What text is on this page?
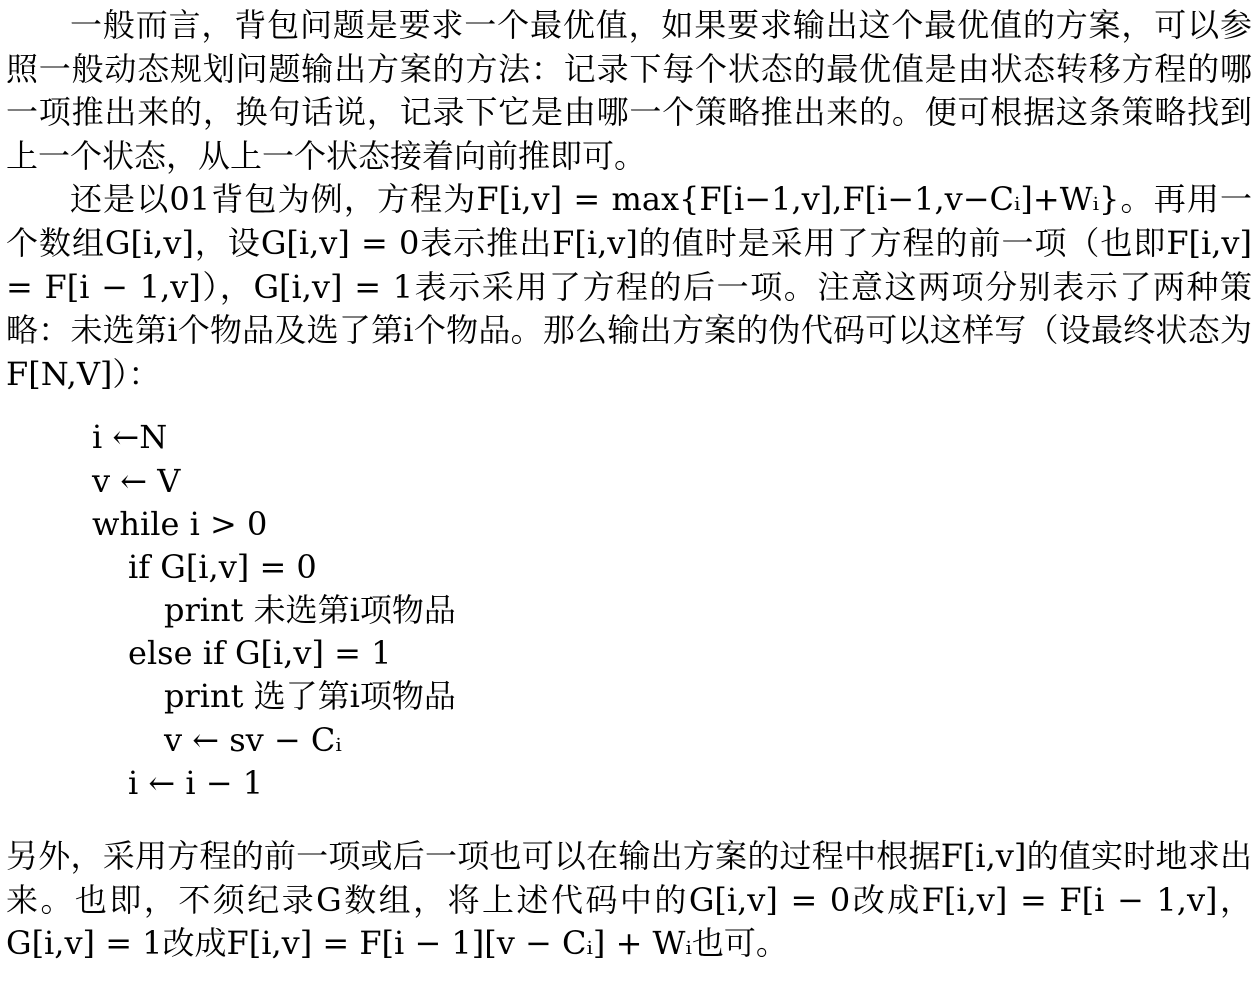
一般而言，背包问题是要求一个最优值，如果要求输出这个最优值的方案，可以参照一般动态规划问题输出方案的方法：记录下每个状态的最优值是由状态转移方程的哪一项推出来的，换句话说，记录下它是由哪一个策略推出来的。便可根据这条策略找到上一个状态，从上一个状态接着向前推即可。

还是以01背包为例，方程为F[i,v] = max{F[i−1,v],F[i−1,v−Cᵢ]+Wᵢ}。再用一个数组G[i,v]，设G[i,v] = 0表示推出F[i,v]的值时是采用了方程的前一项（也即F[i,v] = F[i − 1,v]），G[i,v] = 1表示采用了方程的后一项。注意这两项分别表示了两种策略：未选第i个物品及选了第i个物品。那么输出方案的伪代码可以这样写（设最终状态为F[N,V]）：

i ←N
v ← V
while i > 0
if G[i,v] = 0
print 未选第i项物品
else if G[i,v] = 1
print 选了第i项物品
v ← sv − Cᵢ
i ← i − 1

另外，采用方程的前一项或后一项也可以在输出方案的过程中根据F[i,v]的值实时地求出来。也即，不须纪录G数组，将上述代码中的G[i,v] = 0改成F[i,v] = F[i − 1,v]，G[i,v] = 1改成F[i,v] = F[i − 1][v − Cᵢ] + Wᵢ也可。
